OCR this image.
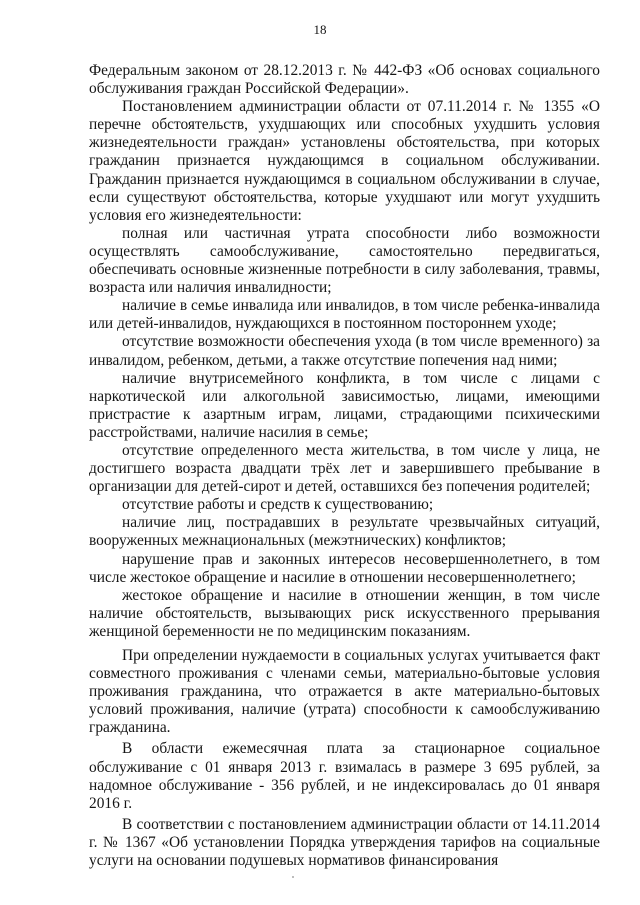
18

Федеральным законом от 28.12.2013 г. № 442-ФЗ «Об основах социального обслуживания граждан Российской Федерации».

Постановлением администрации области от 07.11.2014 г. № 1355 «О перечне обстоятельств, ухудшающих или способных ухудшить условия жизнедеятельности граждан» установлены обстоятельства, при которых гражданин признается нуждающимся в социальном обслуживании. Гражданин признается нуждающимся в социальном обслуживании в случае, если существуют обстоятельства, которые ухудшают или могут ухудшить условия его жизнедеятельности:

полная или частичная утрата способности либо возможности осуществлять самообслуживание, самостоятельно передвигаться, обеспечивать основные жизненные потребности в силу заболевания, травмы, возраста или наличия инвалидности;

наличие в семье инвалида или инвалидов, в том числе ребенка-инвалида или детей-инвалидов, нуждающихся в постоянном постороннем уходе;

отсутствие возможности обеспечения ухода (в том числе временного) за инвалидом, ребенком, детьми, а также отсутствие попечения над ними;

наличие внутрисемейного конфликта, в том числе с лицами с наркотической или алкогольной зависимостью, лицами, имеющими пристрастие к азартным играм, лицами, страдающими психическими расстройствами, наличие насилия в семье;

отсутствие определенного места жительства, в том числе у лица, не достигшего возраста двадцати трёх лет и завершившего пребывание в организации для детей-сирот и детей, оставшихся без попечения родителей;

отсутствие работы и средств к существованию;

наличие лиц, пострадавших в результате чрезвычайных ситуаций, вооруженных межнациональных (межэтнических) конфликтов;

нарушение прав и законных интересов несовершеннолетнего, в том числе жестокое обращение и насилие в отношении несовершеннолетнего;

жестокое обращение и насилие в отношении женщин, в том числе наличие обстоятельств, вызывающих риск искусственного прерывания женщиной беременности не по медицинским показаниям.

При определении нуждаемости в социальных услугах учитывается факт совместного проживания с членами семьи, материально-бытовые условия проживания гражданина, что отражается в акте материально-бытовых условий проживания, наличие (утрата) способности к самообслуживанию гражданина.

В области ежемесячная плата за стационарное социальное обслуживание с 01 января 2013 г. взималась в размере 3 695 рублей, за надомное обслуживание - 356 рублей, и не индексировалась до 01 января 2016 г.

В соответствии с постановлением администрации области от 14.11.2014 г. № 1367 «Об установлении Порядка утверждения тарифов на социальные услуги на основании подушевых нормативов финансирования
